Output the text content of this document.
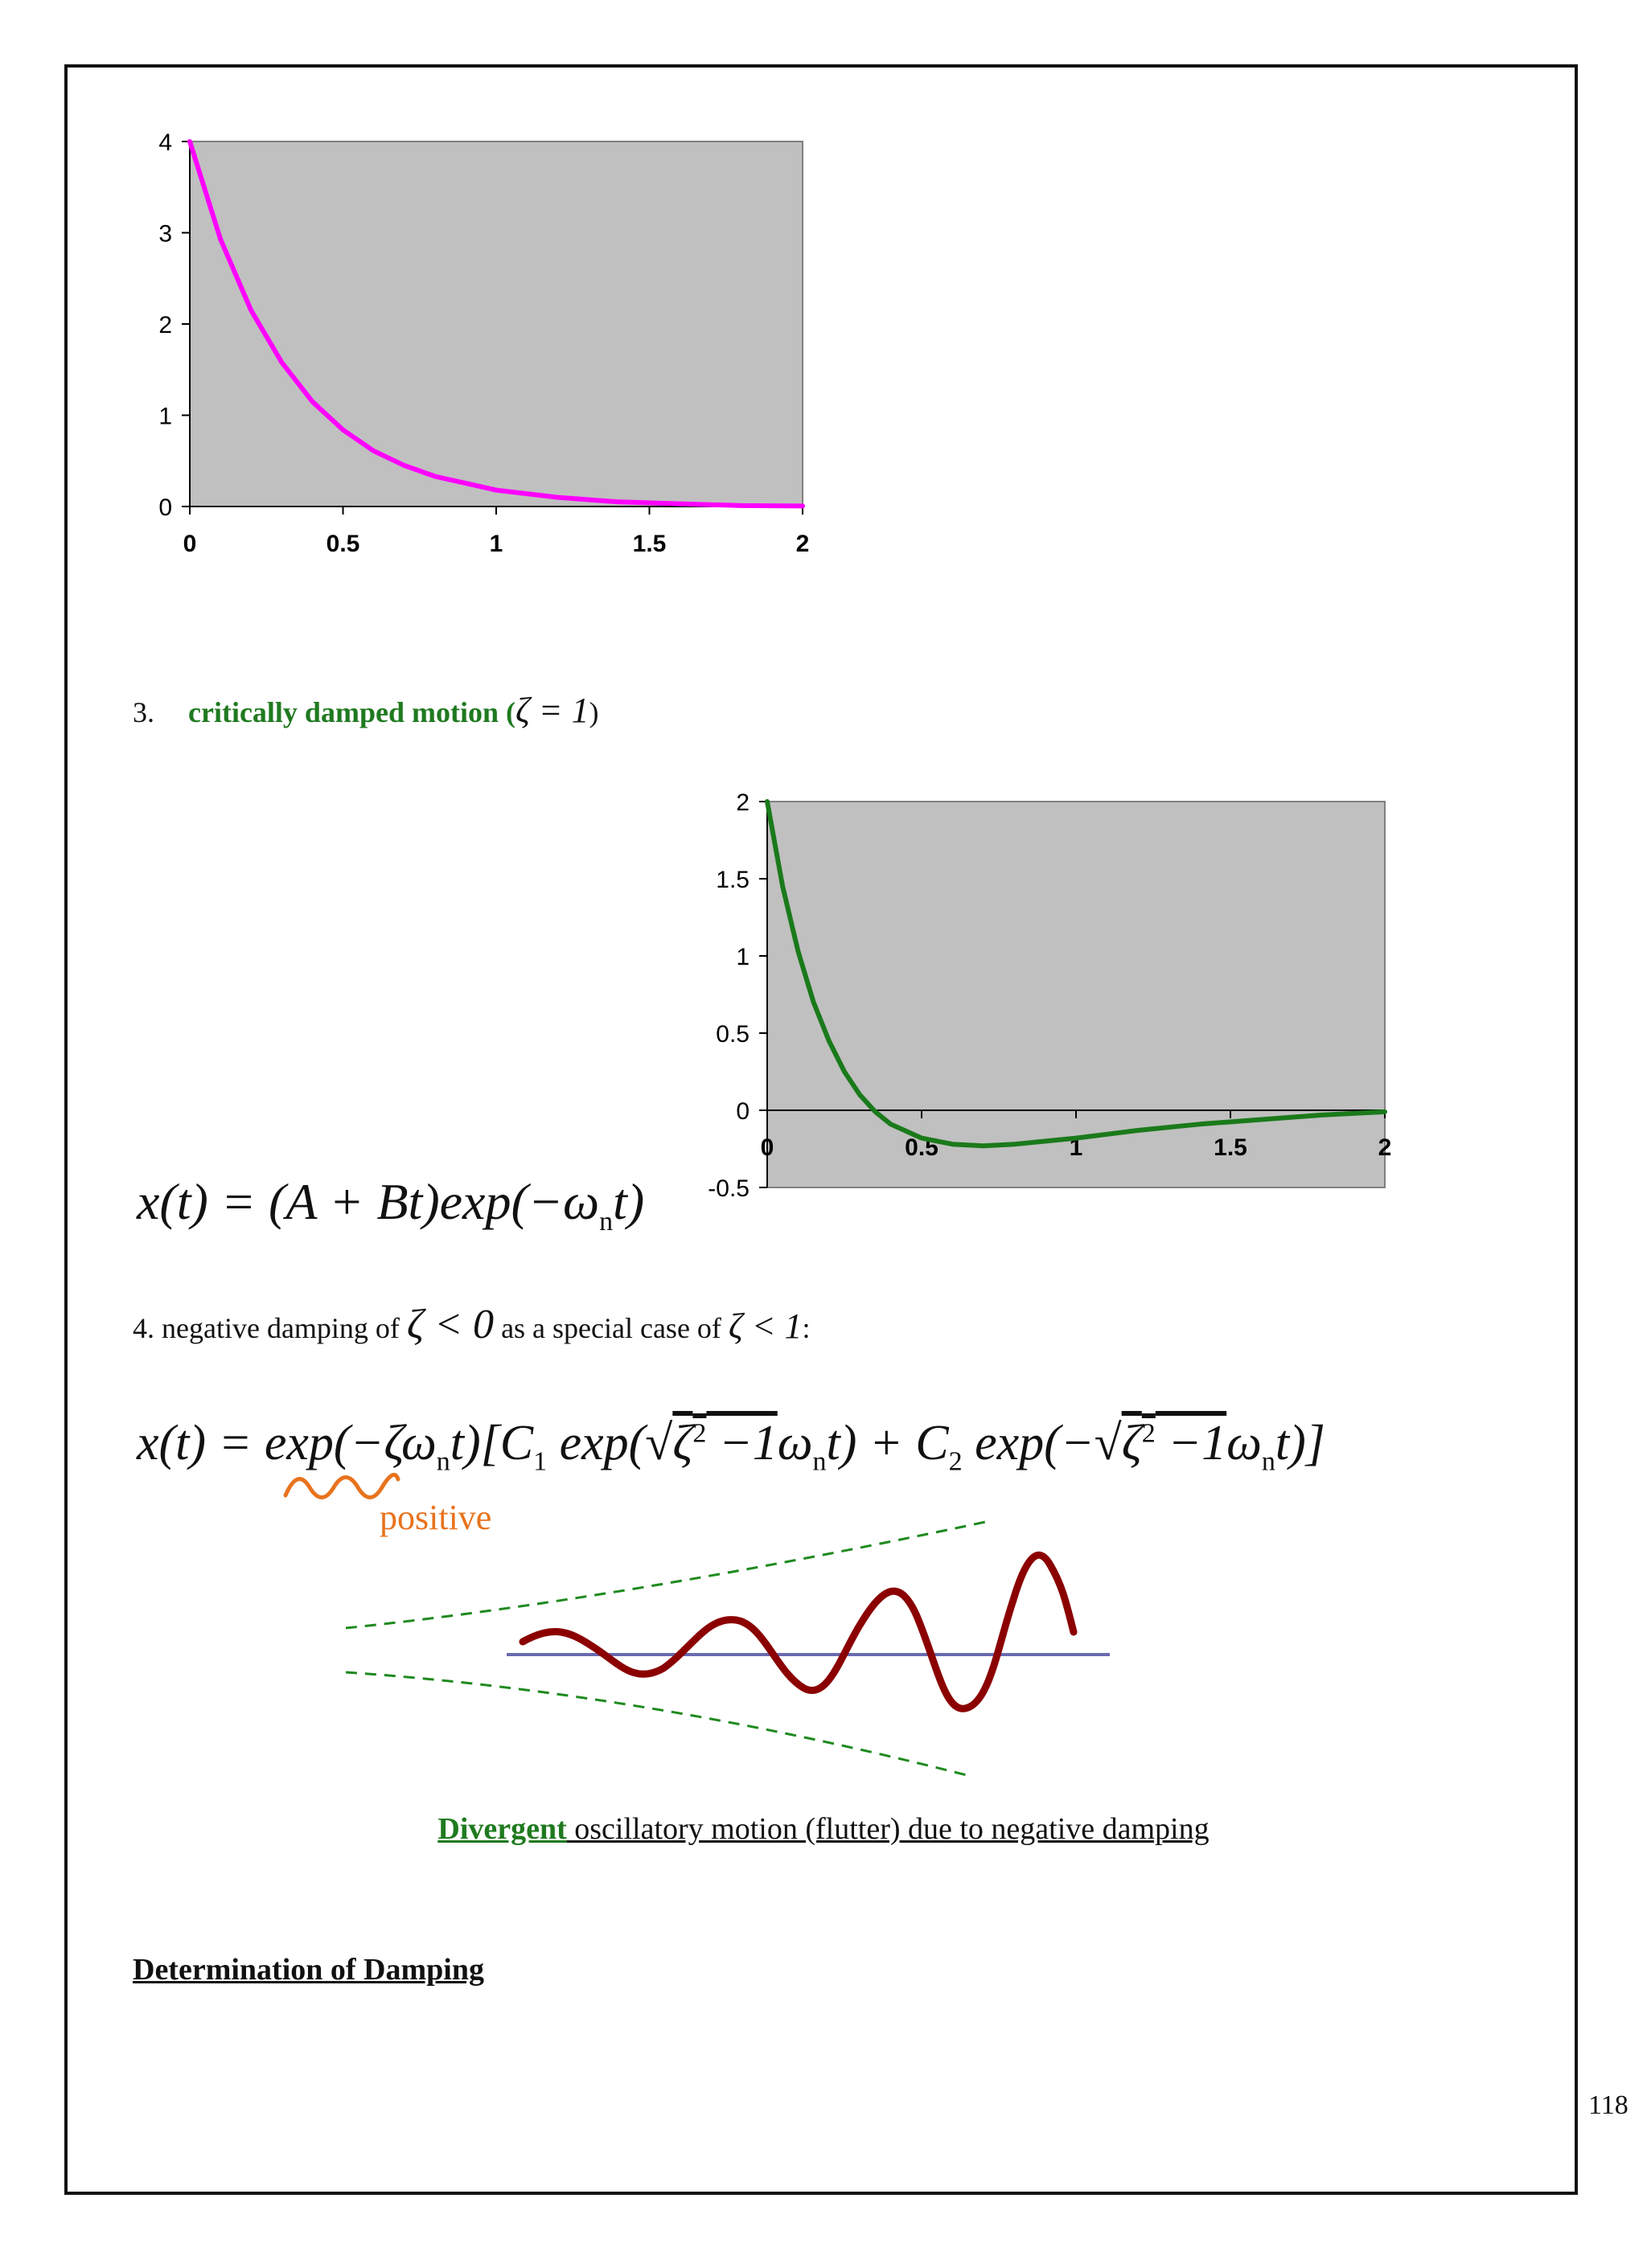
0	0.5	1	1.5	2
0
1
2
3
4
3. critically damped motion (ζ = 1)
0	0.5	1	1.5	2
-0.5
0
0.5
1
1.5
2
$x(t) = (A + Bt)\exp(-\omega_nt)$
4. negative damping of ζ < 0 as a special case of ζ < 1:
$x(t) = \exp(-\zeta\omega_nt)[C_1$ $\exp(√\zeta^2 -1\omega_nt) + C_2$ $\exp(-√\zeta^2 -1\omega_nt)$]
positive
Divergent oscillatory motion (flutter) due to negative damping
Determination of Damping
118
